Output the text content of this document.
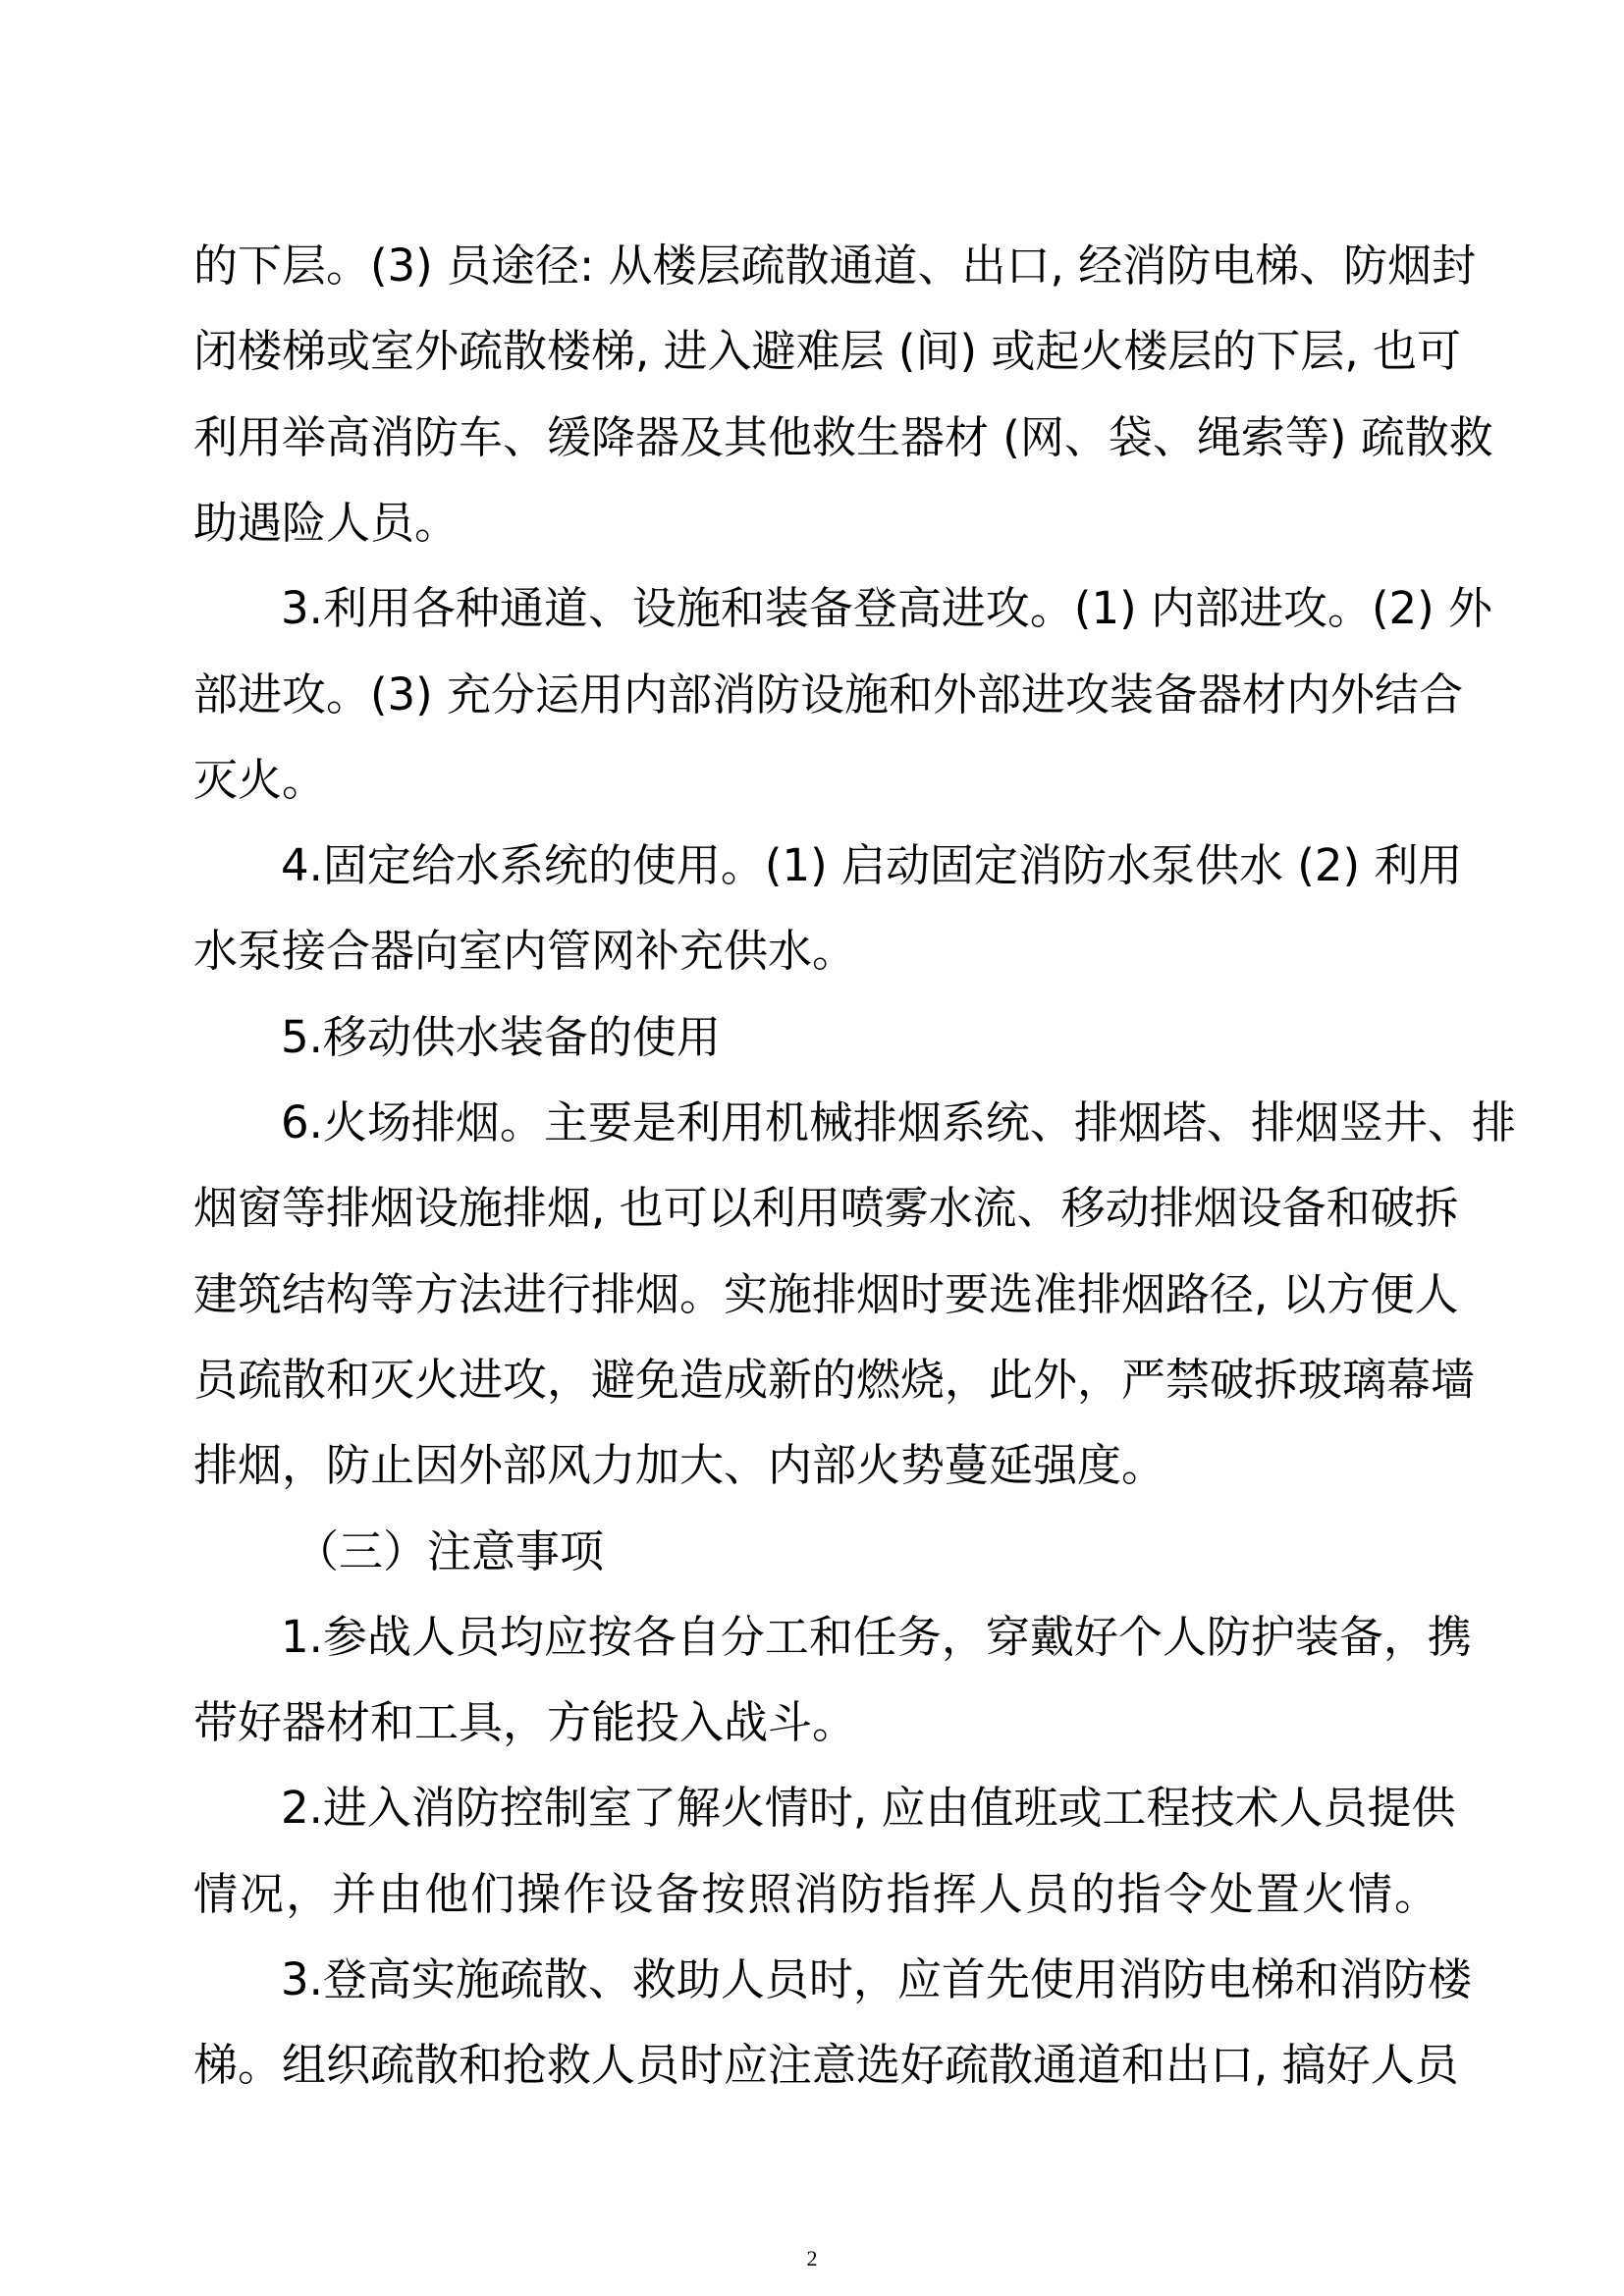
的下层。(3) 员途径: 从楼层疏散通道、出口, 经消防电梯、防烟封
闭楼梯或室外疏散楼梯, 进入避难层 (间) 或起火楼层的下层, 也可
利用举高消防车、缓降器及其他救生器材 (网、袋、绳索等) 疏散救
助遇险人员。
3.利用各种通道、设施和装备登高进攻。(1) 内部进攻。(2) 外
部进攻。(3) 充分运用内部消防设施和外部进攻装备器材内外结合
灭火。
4.固定给水系统的使用。(1) 启动固定消防水泵供水 (2) 利用
水泵接合器向室内管网补充供水。
5.移动供水装备的使用
6.火场排烟。主要是利用机械排烟系统、排烟塔、排烟竖井、排
烟窗等排烟设施排烟, 也可以利用喷雾水流、移动排烟设备和破拆
建筑结构等方法进行排烟。实施排烟时要选准排烟路径, 以方便人
员疏散和灭火进攻，避免造成新的燃烧，此外，严禁破拆玻璃幕墙
排烟，防止因外部风力加大、内部火势蔓延强度。
（三）注意事项
1.参战人员均应按各自分工和任务，穿戴好个人防护装备，携
带好器材和工具，方能投入战斗。
2.进入消防控制室了解火情时, 应由值班或工程技术人员提供
情况，并由他们操作设备按照消防指挥人员的指令处置火情。
3.登高实施疏散、救助人员时，应首先使用消防电梯和消防楼
梯。组织疏散和抢救人员时应注意选好疏散通道和出口, 搞好人员
2
